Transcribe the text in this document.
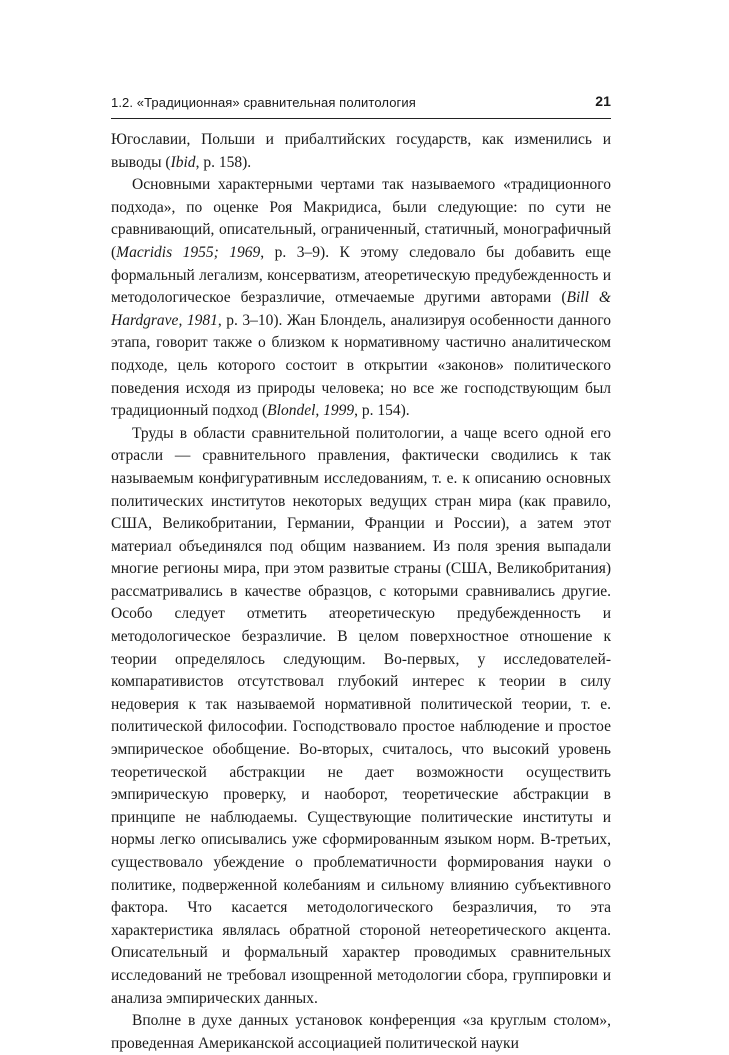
1.2. «Традиционная» сравнительная политология	21

Югославии, Польши и прибалтийских государств, как изменились и выводы (Ibid, р. 158).

Основными характерными чертами так называемого «традиционного подхода», по оценке Роя Макридиса, были следующие: по сути не сравнивающий, описательный, ограниченный, статичный, монографичный (Macridis 1955; 1969, р. 3–9). К этому следовало бы добавить еще формальный легализм, консерватизм, атеоретическую предубежденность и методологическое безразличие, отмечаемые другими авторами (Bill & Hardgrave, 1981, р. 3–10). Жан Блондель, анализируя особенности данного этапа, говорит также о близком к нормативному частично аналитическом подходе, цель которого состоит в открытии «законов» политического поведения исходя из природы человека; но все же господствующим был традиционный подход (Blondel, 1999, р. 154).

Труды в области сравнительной политологии, а чаще всего одной его отрасли — сравнительного правления, фактически сводились к так называемым конфигуративным исследованиям, т. е. к описанию основных политических институтов некоторых ведущих стран мира (как правило, США, Великобритании, Германии, Франции и России), а затем этот материал объединялся под общим названием. Из поля зрения выпадали многие регионы мира, при этом развитые страны (США, Великобритания) рассматривались в качестве образцов, с которыми сравнивались другие. Особо следует отметить атеоретическую предубежденность и методологическое безразличие. В целом поверхностное отношение к теории определялось следующим. Во-первых, у исследователей-компаративистов отсутствовал глубокий интерес к теории в силу недоверия к так называемой нормативной политической теории, т. е. политической философии. Господствовало простое наблюдение и простое эмпирическое обобщение. Во-вторых, считалось, что высокий уровень теоретической абстракции не дает возможности осуществить эмпирическую проверку, и наоборот, теоретические абстракции в принципе не наблюдаемы. Существующие политические институты и нормы легко описывались уже сформированным языком норм. В-третьих, существовало убеждение о проблематичности формирования науки о политике, подверженной колебаниям и сильному влиянию субъективного фактора. Что касается методологического безразличия, то эта характеристика являлась обратной стороной нетеоретического акцента. Описательный и формальный характер проводимых сравнительных исследований не требовал изощренной методологии сбора, группировки и анализа эмпирических данных.

Вполне в духе данных установок конференция «за круглым столом», проведенная Американской ассоциацией политической науки
